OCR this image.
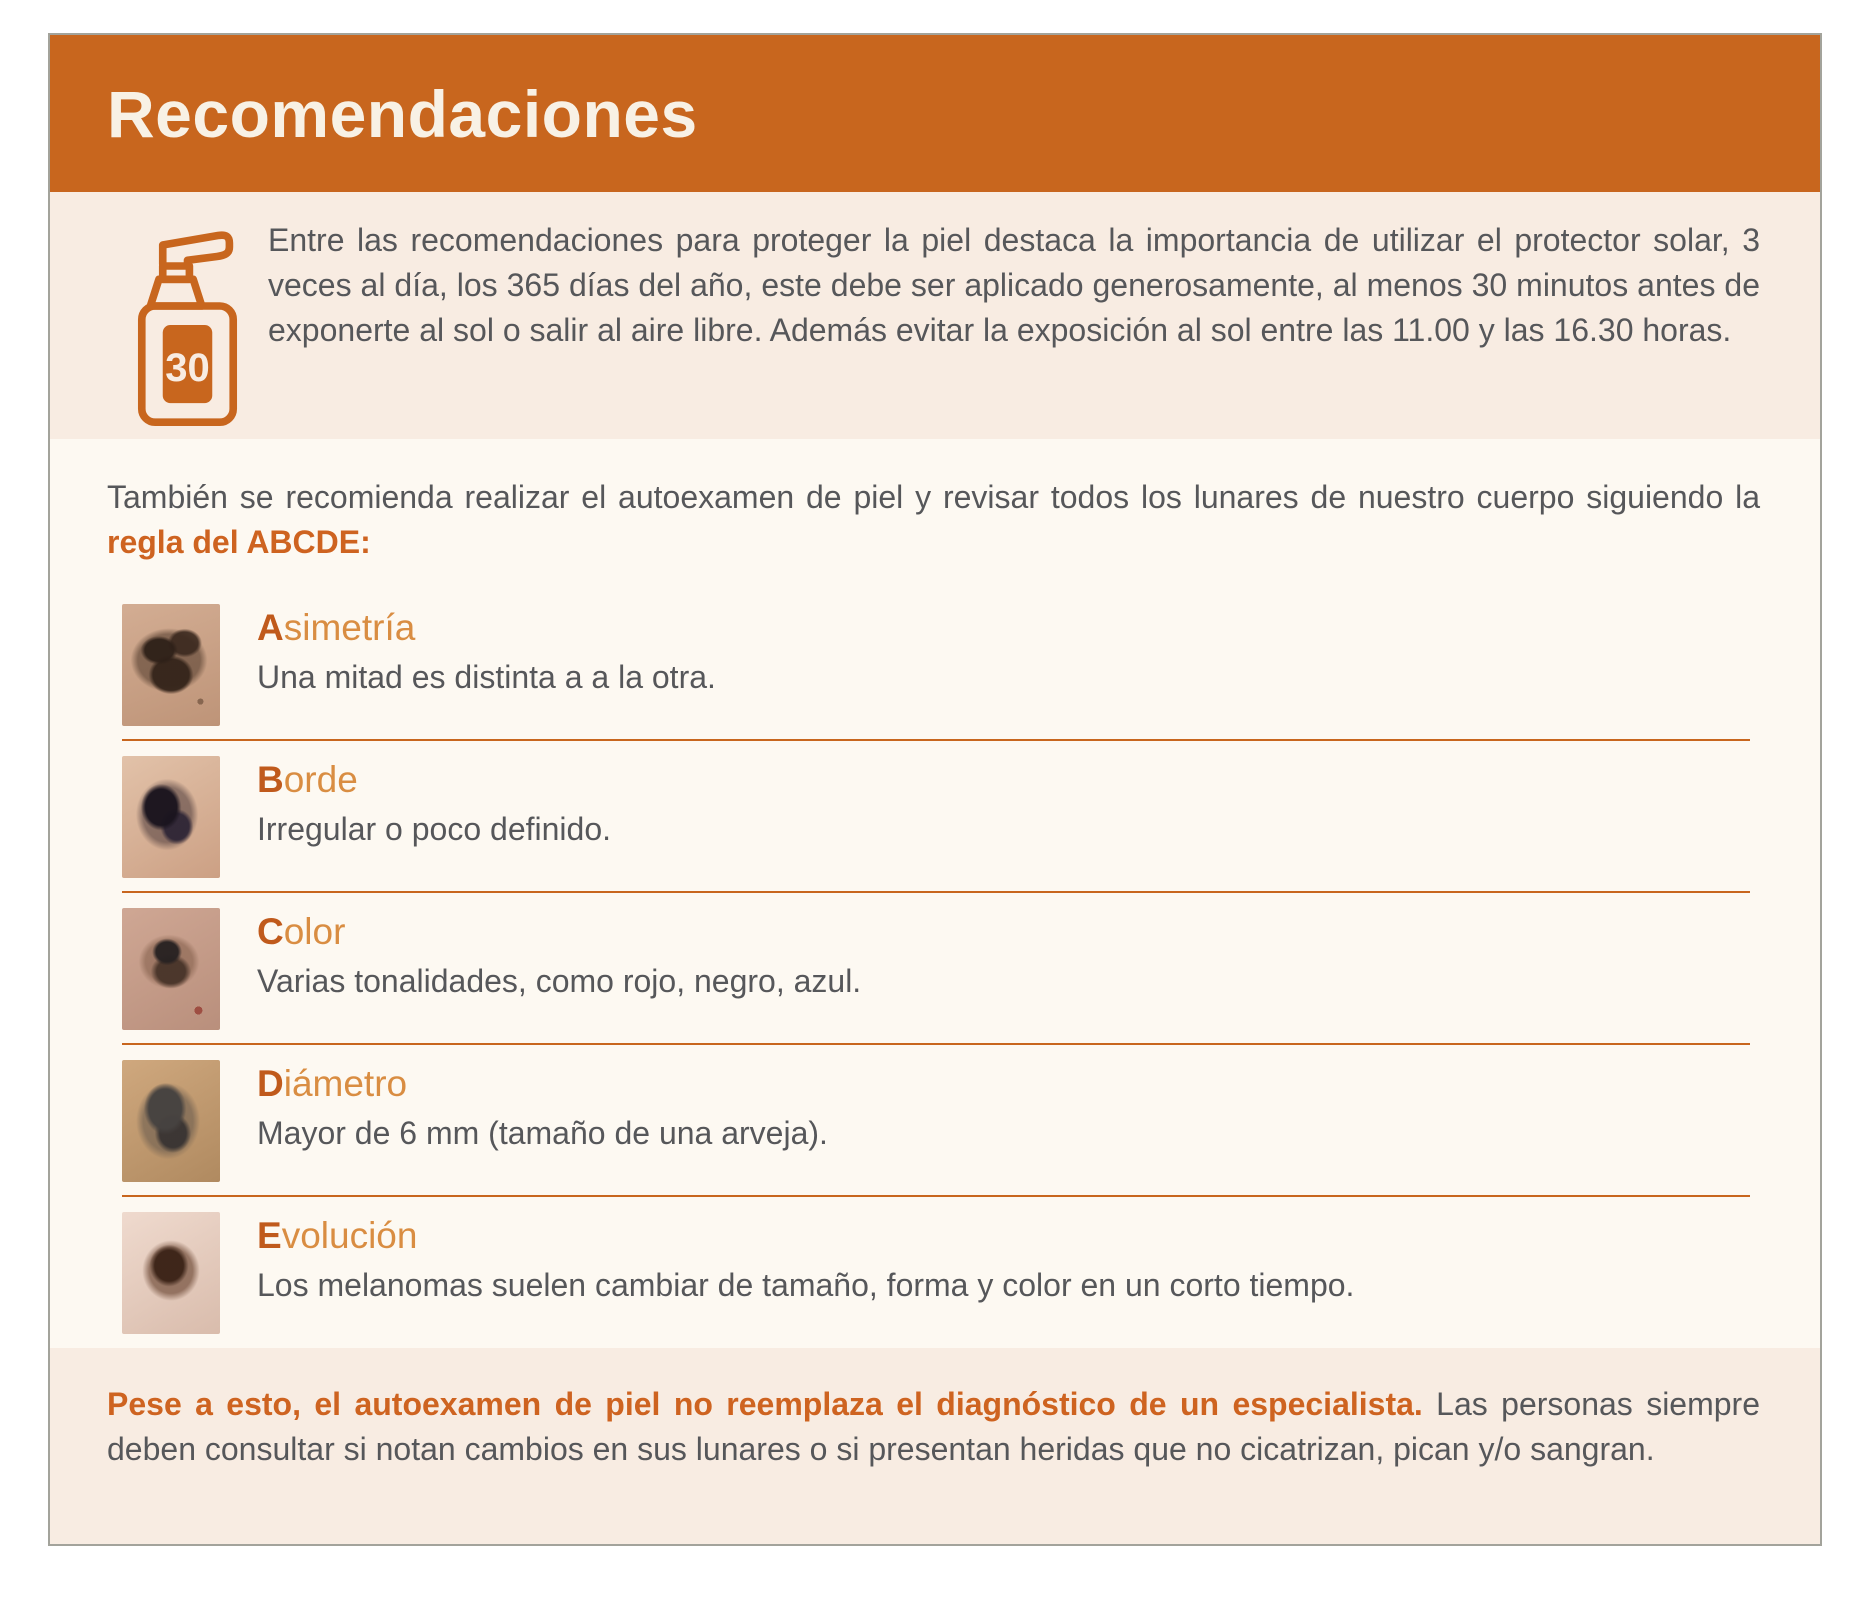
Recomendaciones
30

Entre las recomendaciones para proteger la piel destaca la importancia de utilizar el protector solar, 3 veces al día, los 365 días del año, este debe ser aplicado generosamente, al menos 30 minutos antes de exponerte al sol o salir al aire libre. Además evitar la exposición al sol entre las 11.00 y las 16.30 horas.

También se recomienda realizar el autoexamen de piel y revisar todos los lunares de nuestro cuerpo siguiendo la regla del ABCDE:

Asimetría
Una mitad es distinta a a la otra.
Borde
Irregular o poco definido.
Color
Varias tonalidades, como rojo, negro, azul.
Diámetro
Mayor de 6 mm (tamaño de una arveja).
Evolución
Los melanomas suelen cambiar de tamaño, forma y color en un corto tiempo.

Pese a esto, el autoexamen de piel no reemplaza el diagnóstico de un especialista. Las personas siempre deben consultar si notan cambios en sus lunares o si presentan heridas que no cicatrizan, pican y/o sangran.
